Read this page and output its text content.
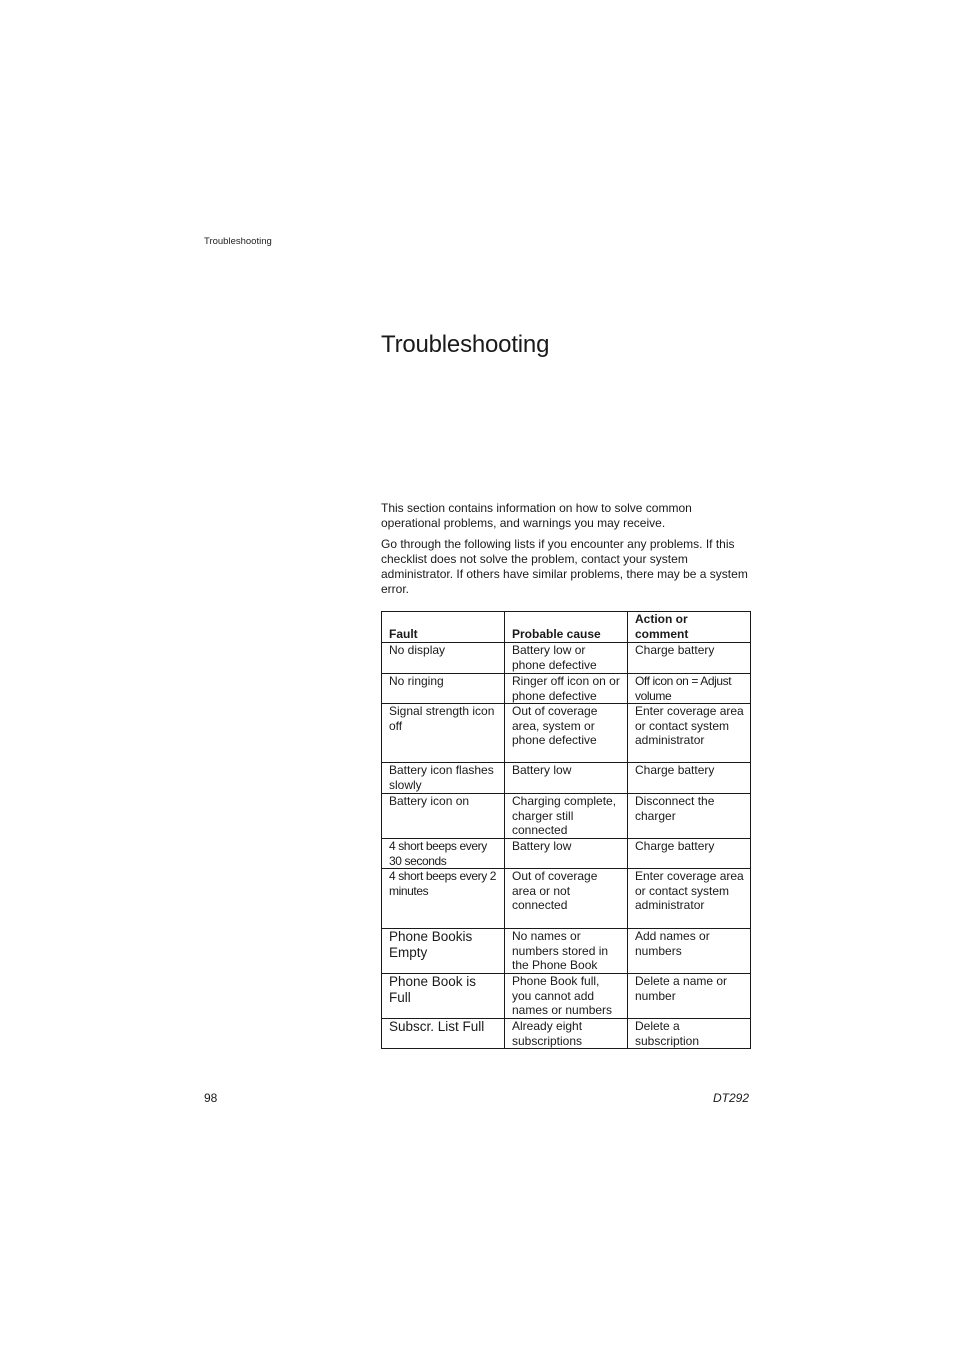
Troubleshooting
Troubleshooting

This section contains information on how to solve common operational problems, and warnings you may receive.

Go through the following lists if you encounter any problems. If this checklist does not solve the problem, contact your system administrator. If others have similar problems, there may be a system error.

Fault	Probable cause	Action or comment
No display	Battery low or phone defective	Charge battery
No ringing	Ringer off icon on or phone defective	Off icon on = Adjust volume
Signal strength icon off	Out of coverage area, system or phone defective	Enter coverage area or contact system administrator
Battery icon flashes slowly	Battery low	Charge battery
Battery icon on	Charging complete, charger still connected	Disconnect the charger
4 short beeps every 30 seconds	Battery low	Charge battery
4 short beeps every 2 minutes	Out of coverage area or not connected	Enter coverage area or contact system administrator
Phone Bookis Empty	No names or numbers stored in the Phone Book	Add names or numbers
Phone Book is Full	Phone Book full, you cannot add names or numbers	Delete a name or number
Subscr. List Full	Already eight subscriptions	Delete a subscription
98	DT292
